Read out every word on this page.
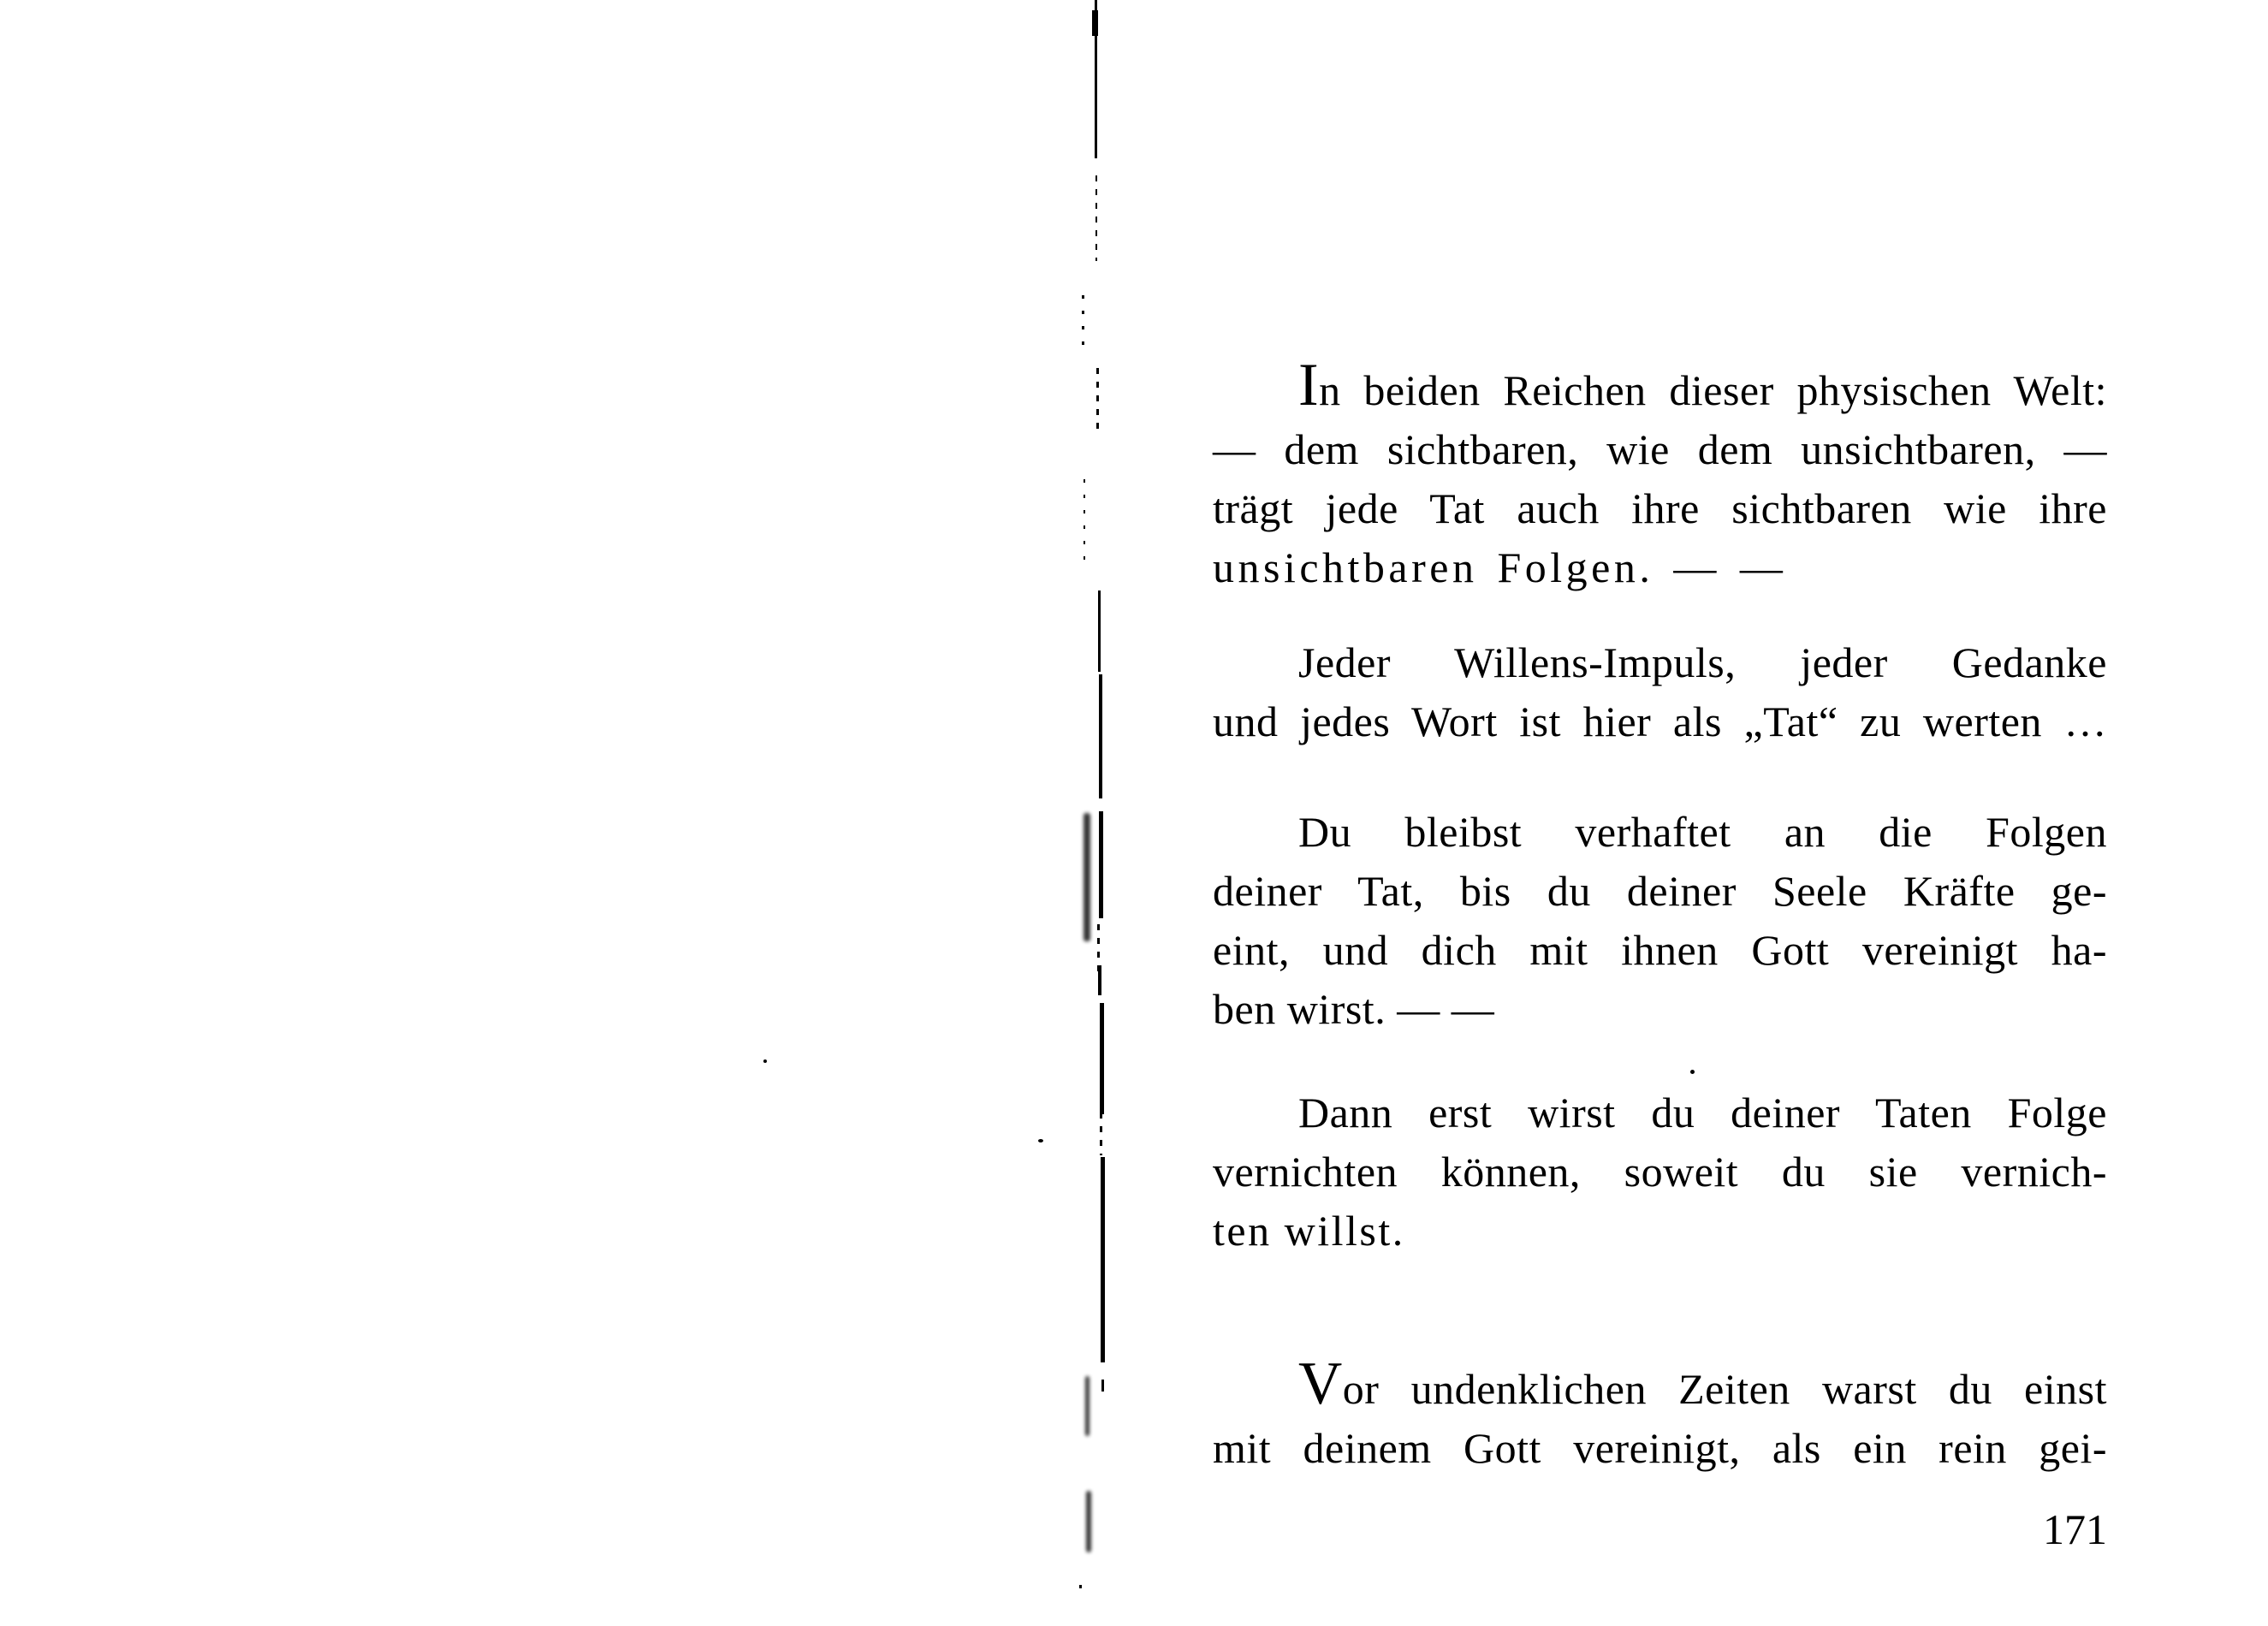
In beiden Reichen dieser physischen Welt:
— dem sichtbaren, wie dem unsichtbaren, —
trägt jede Tat auch ihre sichtbaren wie ihre
unsichtbaren Folgen. — —

Jeder Willens-Impuls, jeder Gedanke
und jedes Wort ist hier als „Tat“ zu werten …

Du bleibst verhaftet an die Folgen
deiner Tat, bis du deiner Seele Kräfte ge-
eint, und dich mit ihnen Gott vereinigt ha-
ben wirst. — —

Dann erst wirst du deiner Taten Folge
vernichten können, soweit du sie vernich-
ten willst.

Vor undenklichen Zeiten warst du einst
mit deinem Gott vereinigt, als ein rein gei-

171
